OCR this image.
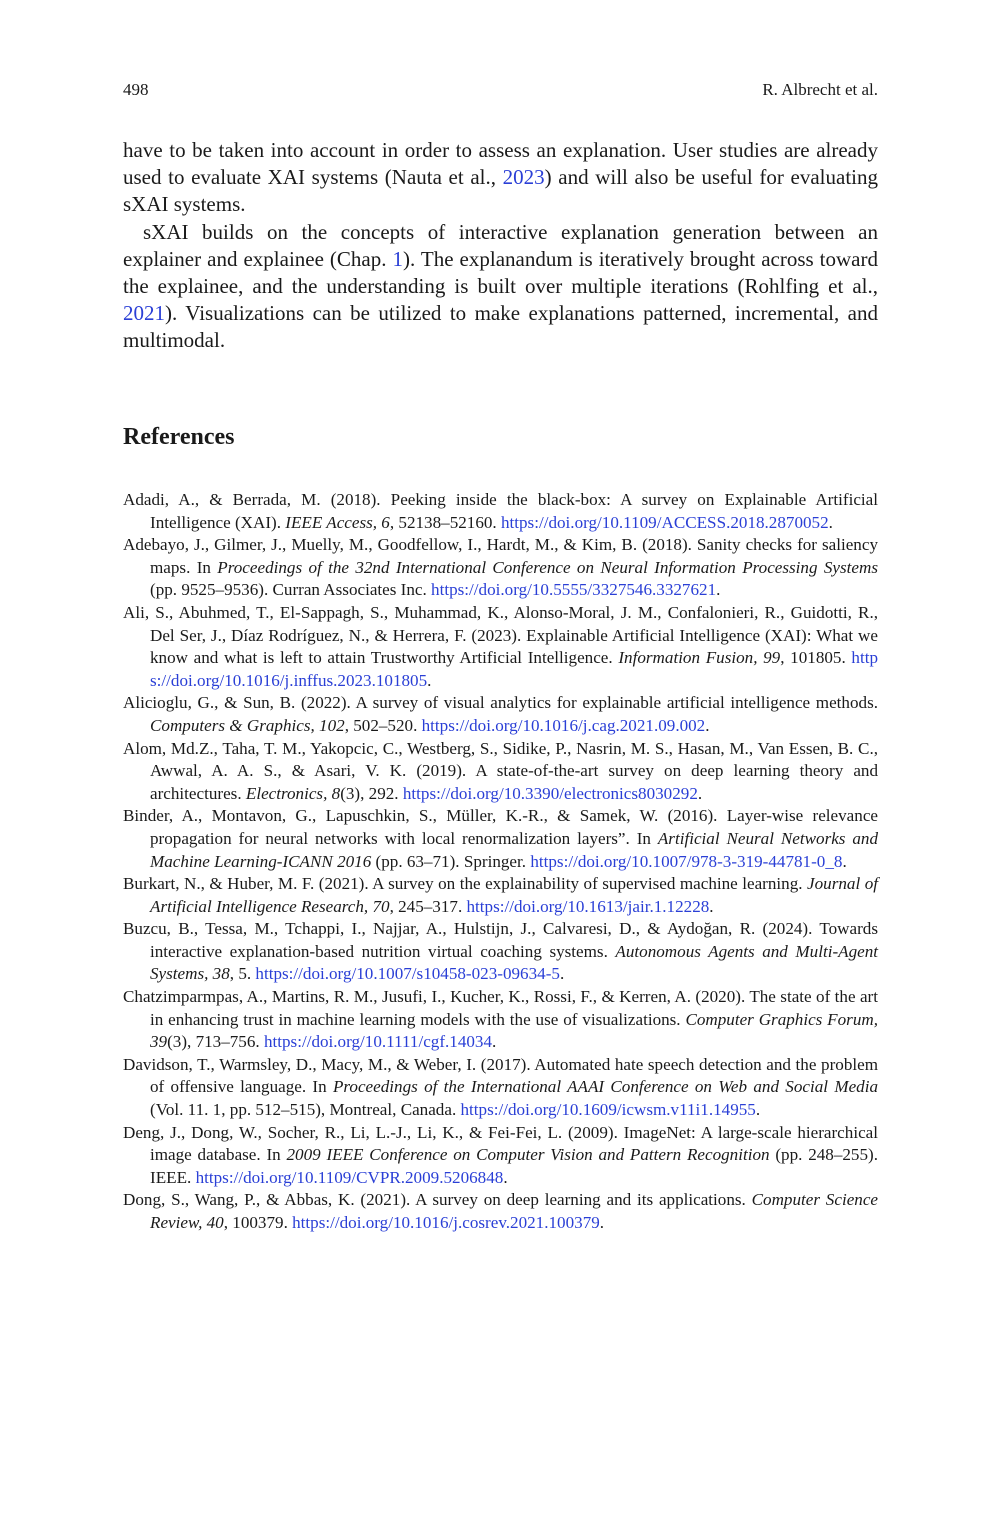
498	R. Albrecht et al.

have to be taken into account in order to assess an explanation. User studies are already used to evaluate XAI systems (Nauta et al., 2023) and will also be useful for evaluating sXAI systems.

sXAI builds on the concepts of interactive explanation generation between an explainer and explainee (Chap. 1). The explanandum is iteratively brought across toward the explainee, and the understanding is built over multiple iterations (Rohlfing et al., 2021). Visualizations can be utilized to make explanations patterned, incremental, and multimodal.

References
Adadi, A., & Berrada, M. (2018). Peeking inside the black-box: A survey on Explainable Artificial Intelligence (XAI). IEEE Access, 6, 52138–52160. https://doi.org/10.1109/ACCESS.2018.2870052.
Adebayo, J., Gilmer, J., Muelly, M., Goodfellow, I., Hardt, M., & Kim, B. (2018). Sanity checks for saliency maps. In Proceedings of the 32nd International Conference on Neural Information Processing Systems (pp. 9525–9536). Curran Associates Inc. https://doi.org/10.5555/3327546.3327621.
Ali, S., Abuhmed, T., El-Sappagh, S., Muhammad, K., Alonso-Moral, J. M., Confalonieri, R., Guidotti, R., Del Ser, J., Díaz Rodríguez, N., & Herrera, F. (2023). Explainable Artificial Intelligence (XAI): What we know and what is left to attain Trustworthy Artificial Intelligence. Information Fusion, 99, 101805. https://doi.org/10.1016/j.inffus.2023.101805.
Alicioglu, G., & Sun, B. (2022). A survey of visual analytics for explainable artificial intelligence methods. Computers & Graphics, 102, 502–520. https://doi.org/10.1016/j.cag.2021.09.002.
Alom, Md.Z., Taha, T. M., Yakopcic, C., Westberg, S., Sidike, P., Nasrin, M. S., Hasan, M., Van Essen, B. C., Awwal, A. A. S., & Asari, V. K. (2019). A state-of-the-art survey on deep learning theory and architectures. Electronics, 8(3), 292. https://doi.org/10.3390/electronics8030292.
Binder, A., Montavon, G., Lapuschkin, S., Müller, K.-R., & Samek, W. (2016). Layer-wise relevance propagation for neural networks with local renormalization layers”. In Artificial Neural Networks and Machine Learning-ICANN 2016 (pp. 63–71). Springer. https://doi.org/10.1007/978-3-319-44781-0_8.
Burkart, N., & Huber, M. F. (2021). A survey on the explainability of supervised machine learning. Journal of Artificial Intelligence Research, 70, 245–317. https://doi.org/10.1613/jair.1.12228.
Buzcu, B., Tessa, M., Tchappi, I., Najjar, A., Hulstijn, J., Calvaresi, D., & Aydoğan, R. (2024). Towards interactive explanation-based nutrition virtual coaching systems. Autonomous Agents and Multi-Agent Systems, 38, 5. https://doi.org/10.1007/s10458-023-09634-5.
Chatzimparmpas, A., Martins, R. M., Jusufi, I., Kucher, K., Rossi, F., & Kerren, A. (2020). The state of the art in enhancing trust in machine learning models with the use of visualizations. Computer Graphics Forum, 39(3), 713–756. https://doi.org/10.1111/cgf.14034.
Davidson, T., Warmsley, D., Macy, M., & Weber, I. (2017). Automated hate speech detection and the problem of offensive language. In Proceedings of the International AAAI Conference on Web and Social Media (Vol. 11. 1, pp. 512–515), Montreal, Canada. https://doi.org/10.1609/icwsm.v11i1.14955.
Deng, J., Dong, W., Socher, R., Li, L.-J., Li, K., & Fei-Fei, L. (2009). ImageNet: A large-scale hierarchical image database. In 2009 IEEE Conference on Computer Vision and Pattern Recognition (pp. 248–255). IEEE. https://doi.org/10.1109/CVPR.2009.5206848.
Dong, S., Wang, P., & Abbas, K. (2021). A survey on deep learning and its applications. Computer Science Review, 40, 100379. https://doi.org/10.1016/j.cosrev.2021.100379.
